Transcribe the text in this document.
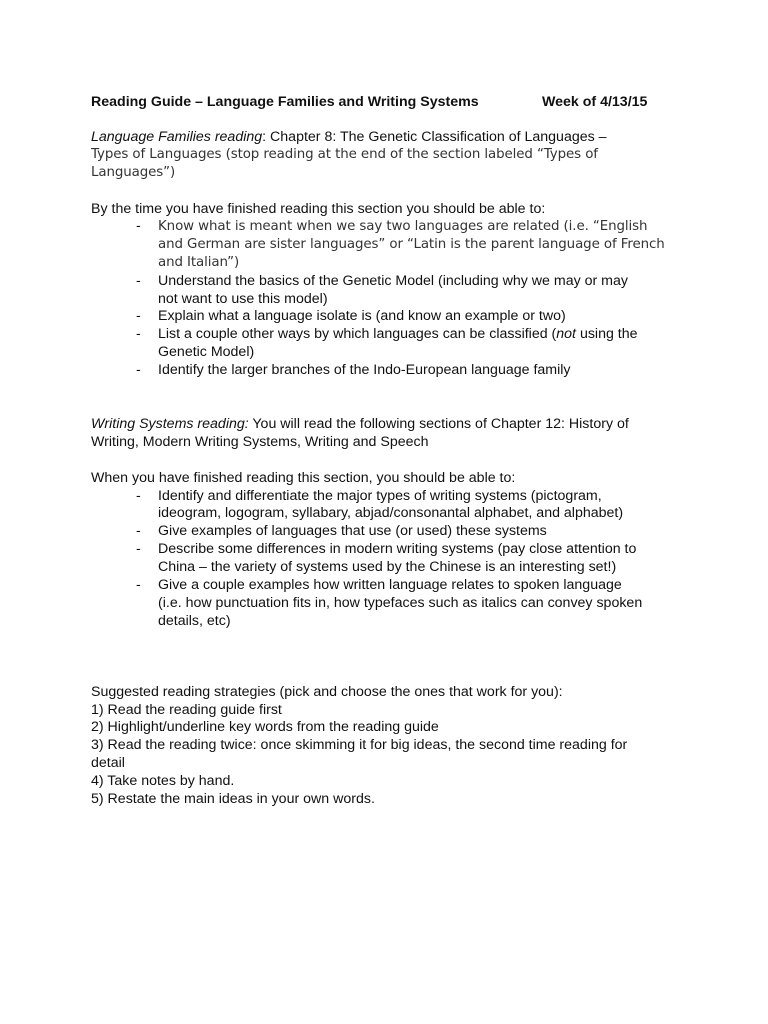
Reading Guide – Language Families and Writing Systems	Week of 4/13/15
Language Families reading: Chapter 8: The Genetic Classification of Languages –
Types of Languages (stop reading at the end of the section labeled “Types of
Languages”)
By the time you have finished reading this section you should be able to:
- Know what is meant when we say two languages are related (i.e. “English
and German are sister languages” or “Latin is the parent language of French
and Italian”)
- Understand the basics of the Genetic Model (including why we may or may
not want to use this model)
- Explain what a language isolate is (and know an example or two)
- List a couple other ways by which languages can be classified (not using the
Genetic Model)
- Identify the larger branches of the Indo-European language family
Writing Systems reading: You will read the following sections of Chapter 12: History of
Writing, Modern Writing Systems, Writing and Speech
When you have finished reading this section, you should be able to:
- Identify and differentiate the major types of writing systems (pictogram,
ideogram, logogram, syllabary, abjad/consonantal alphabet, and alphabet)
- Give examples of languages that use (or used) these systems
- Describe some differences in modern writing systems (pay close attention to
China – the variety of systems used by the Chinese is an interesting set!)
- Give a couple examples how written language relates to spoken language
(i.e. how punctuation fits in, how typefaces such as italics can convey spoken
details, etc)
Suggested reading strategies (pick and choose the ones that work for you):
1) Read the reading guide first
2) Highlight/underline key words from the reading guide
3) Read the reading twice: once skimming it for big ideas, the second time reading for
detail
4) Take notes by hand.
5) Restate the main ideas in your own words.
